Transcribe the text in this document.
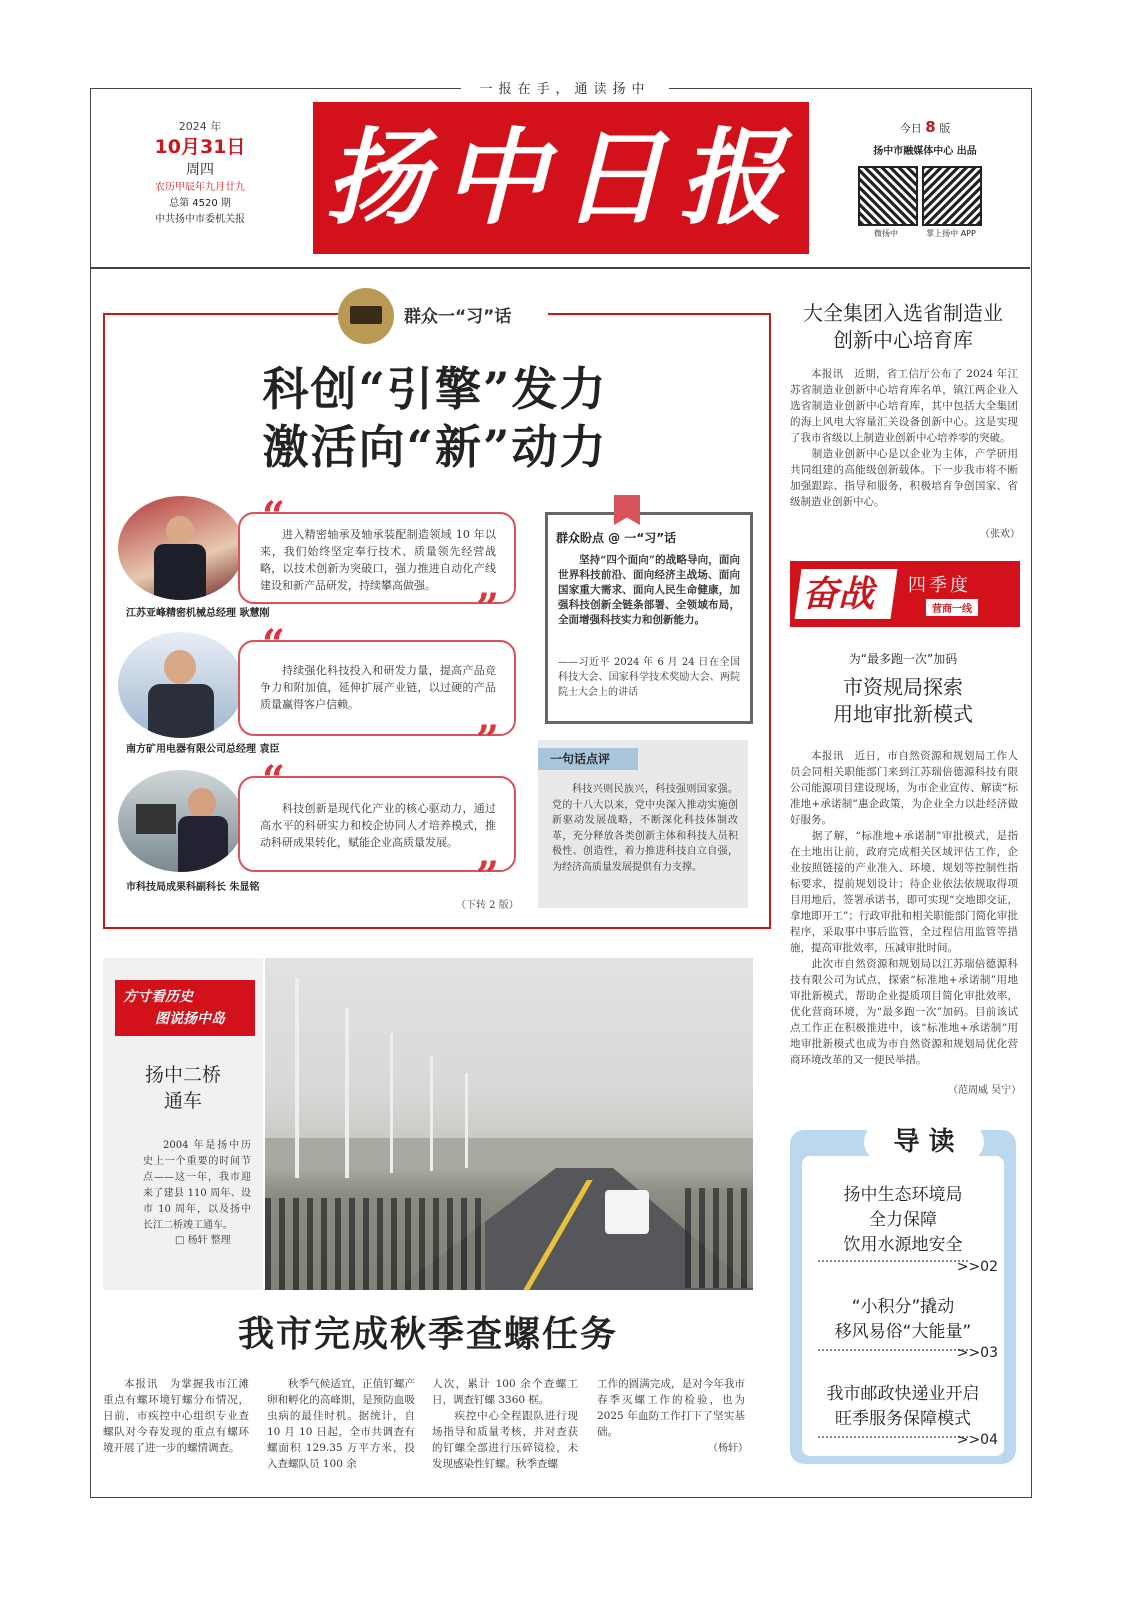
一报在手，通读扬中
2024 年
10月31日
周四
农历甲辰年九月廿九
总第 4520 期
中共扬中市委机关报 扬中日报	今日 8 版
扬中市融媒体中心 出品
微扬中	掌上扬中 APP
群众一“习”话
科创“引擎”发力
激活向“新”动力
“
进入精密轴承及轴承装配制造领域 10 年以来，我们始终坚定奉行技术、质量领先经营战略，以技术创新为突破口，强力推进自动化产线建设和新产品研发，持续攀高做强。	”
江苏亚峰精密机械总经理 耿慧刚
“
持续强化科技投入和研发力量，提高产品竞争力和附加值，延伸扩展产业链，以过硬的产品质量赢得客户信赖。
”
南方矿用电器有限公司总经理 袁臣
“
科技创新是现代化产业的核心驱动力，通过高水平的科研实力和校企协同人才培养模式，推动科研成果转化，赋能企业高质量发展。
”
市科技局成果科副科长 朱显铭
群众盼点 @ 一“习”话
坚持“四个面向”的战略导向，面向世界科技前沿、面向经济主战场、面向国家重大需求、面向人民生命健康，加强科技创新全链条部署、全领域布局，全面增强科技实力和创新能力。
——习近平 2024 年 6 月 24 日在全国科技大会、国家科学技术奖励大会、两院院士大会上的讲话
一句话点评
科技兴则民族兴，科技强则国家强。党的十八大以来，党中央深入推动实施创新驱动发展战略，不断深化科技体制改革，充分释放各类创新主体和科技人员积极性、创造性，着力推进科技自立自强，为经济高质量发展提供有力支撑。
（下转 2 版）
大全集团入选省制造业
创新中心培育库
本报讯　近期，省工信厅公布了 2024 年江苏省制造业创新中心培育库名单，镇江两企业入选省制造业创新中心培育库，其中包括大全集团的海上风电大容量汇关设备创新中心。这是实现了我市省级以上制造业创新中心培养零的突破。
　　制造业创新中心是以企业为主体，产学研用共同组建的高能级创新载体。下一步我市将不断加强跟踪、指导和服务，积极培育争创国家、省级制造业创新中心。
（张欢）
奋战 四季度
营商一线
为“最多跑一次”加码
市资规局探索
用地审批新模式
本报讯　近日，市自然资源和规划局工作人员会同相关职能部门来到江苏瑞倍德源科技有限公司能源项目建设现场，为市企业宣传、解读“标准地+承诺制”惠企政策，为企业全力以赴经济做好服务。
　　据了解，“标准地+承诺制”审批模式，是指在土地出让前，政府完成相关区域评估工作，企业按照链接的产业准入、环境、规划等控制性指标要求，提前规划设计；待企业依法依规取得项目用地后，签署承诺书，即可实现“交地即交证，拿地即开工”；行政审批和相关职能部门简化审批程序，采取事中事后监管，全过程信用监管等措施，提高审批效率，压减审批时间。
　　此次市自然资源和规划局以江苏瑞倍德源科技有限公司为试点，探索“标准地+承诺制”用地审批新模式，帮助企业提质项目简化审批效率，优化营商环境，为“最多跑一次”加码。目前该试点工作正在积极推进中，该“标准地+承诺制”用地审批新模式也成为市自然资源和规划局优化营商环境改革的又一便民举措。
（范周威 吴宁）
方寸看历史
图说扬中岛
扬中二桥
通车
2004 年是扬中历史上一个重要的时间节点——这一年，我市迎来了建县 110 周年、设市 10 周年，以及扬中长江二桥竣工通车。
□ 杨轩 整理
我市完成秋季查螺任务
本报讯　为掌握我市江滩重点有螺环境钉螺分布情况，日前，市疾控中心组织专业查螺队对今春发现的重点有螺环境开展了进一步的螺情调查。
秋季气候适宜，正值钉螺产卵和孵化的高峰期，是预防血吸虫病的最佳时机。据统计，自 10 月 10 日起，全市共调查有螺面积 129.35 万平方米，投入查螺队员 100 余
人次，累计 100 余个查螺工日，调查钉螺 3360 框。
　　疾控中心全程跟队进行现场指导和质量考核，并对查获的钉螺全部进行压碎镜检，未发现感染性钉螺。秋季查螺
工作的圆满完成，是对今年我市春季灭螺工作的检验，也为 2025 年血防工作打下了坚实基础。
（杨轩）
导 读
扬中生态环境局
全力保障
饮用水源地安全
>>02
“小积分”撬动
移风易俗“大能量”
>>03
我市邮政快递业开启
旺季服务保障模式
>>04
